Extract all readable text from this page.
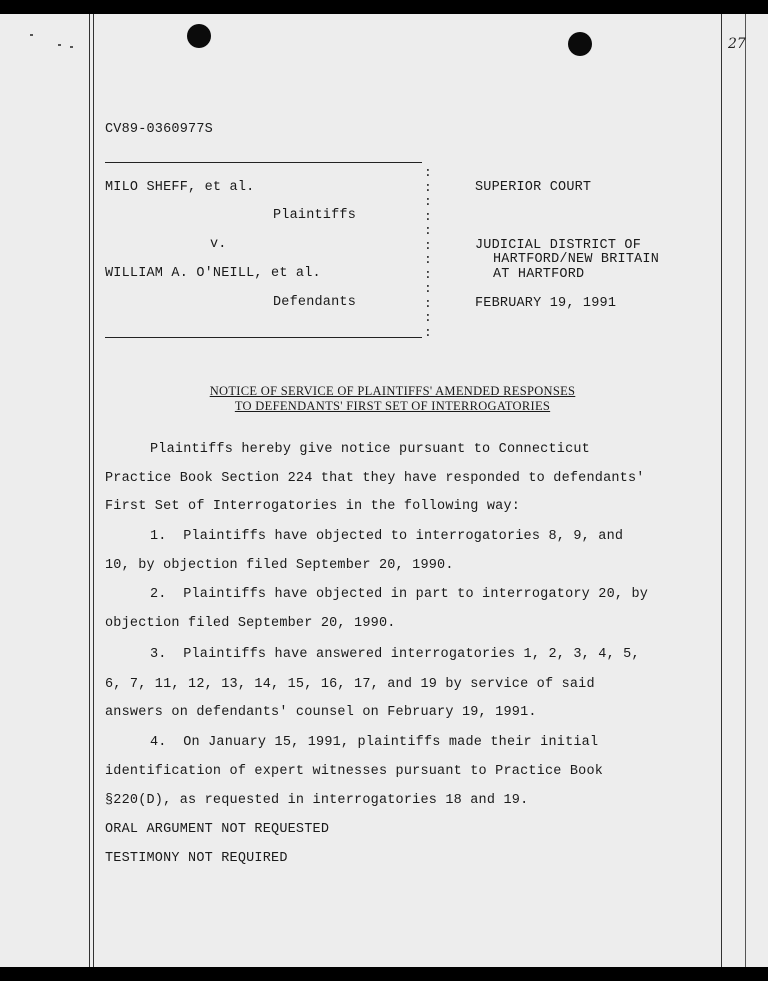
27
CV89-0360977S
:
:
:
:
:
:
:
:
:
:
:
:
MILO SHEFF, et al.
Plaintiffs
v.
WILLIAM A. O'NEILL, et al.
Defendants
SUPERIOR COURT
JUDICIAL DISTRICT OF
HARTFORD/NEW BRITAIN
AT HARTFORD
FEBRUARY 19, 1991
NOTICE OF SERVICE OF PLAINTIFFS' AMENDED RESPONSES
TO DEFENDANTS' FIRST SET OF INTERROGATORIES
Plaintiffs hereby give notice pursuant to Connecticut
Practice Book Section 224 that they have responded to defendants'
First Set of Interrogatories in the following way:
1.  Plaintiffs have objected to interrogatories 8, 9, and
10, by objection filed September 20, 1990.
2.  Plaintiffs have objected in part to interrogatory 20, by
objection filed September 20, 1990.
3.  Plaintiffs have answered interrogatories 1, 2, 3, 4, 5,
6, 7, 11, 12, 13, 14, 15, 16, 17, and 19 by service of said
answers on defendants' counsel on February 19, 1991.
4.  On January 15, 1991, plaintiffs made their initial
identification of expert witnesses pursuant to Practice Book
§220(D), as requested in interrogatories 18 and 19.
ORAL ARGUMENT NOT REQUESTED
TESTIMONY NOT REQUIRED
